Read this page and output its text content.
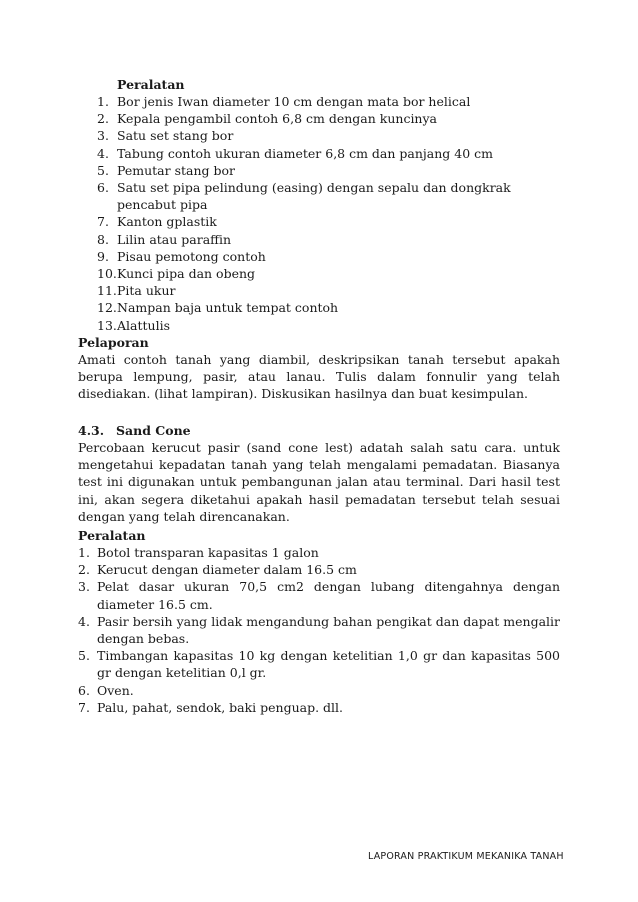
Peralatan
1. Bor jenis Iwan diameter 10 cm dengan mata bor helical
2. Kepala pengambil contoh 6,8 cm dengan kuncinya
3. Satu set stang bor
4. Tabung contoh ukuran diameter 6,8 cm dan panjang 40 cm
5. Pemutar stang bor
6. Satu set pipa pelindung (easing) dengan sepalu dan dongkrak pencabut pipa
7. Kanton gplastik
8. Lilin atau paraffin
9. Pisau pemotong contoh
10. Kunci pipa dan obeng
11. Pita ukur
12. Nampan baja untuk tempat contoh
13. Alattulis
Pelaporan

Amati contoh tanah yang diambil, deskripsikan tanah tersebut apakah berupa lempung, pasir, atau lanau. Tulis dalam fonnulir yang telah disediakan. (lihat lampiran). Diskusikan hasilnya dan buat kesimpulan.

4.3. Sand Cone

Percobaan kerucut pasir (sand cone lest) adatah salah satu cara. untuk mengetahui kepadatan tanah yang telah mengalami pemadatan. Biasanya test ini digunakan untuk pembangunan jalan atau terminal. Dari hasil test ini, akan segera diketahui apakah hasil pemadatan tersebut telah sesuai dengan yang telah direncanakan.

Peralatan
1. Botol transparan kapasitas 1 galon
2. Kerucut dengan diameter dalam 16.5 cm
3. Pelat dasar ukuran 70,5 cm2 dengan lubang ditengahnya dengan diameter 16.5 cm.
4. Pasir bersih yang lidak mengandung bahan pengikat dan dapat mengalir dengan bebas.
5. Timbangan kapasitas 10 kg dengan ketelitian 1,0 gr dan kapasitas 500 gr dengan ketelitian 0,l gr.
6. Oven.
7. Palu, pahat, sendok, baki penguap. dll.
LAPORAN PRAKTIKUM MEKANIKA TANAH
